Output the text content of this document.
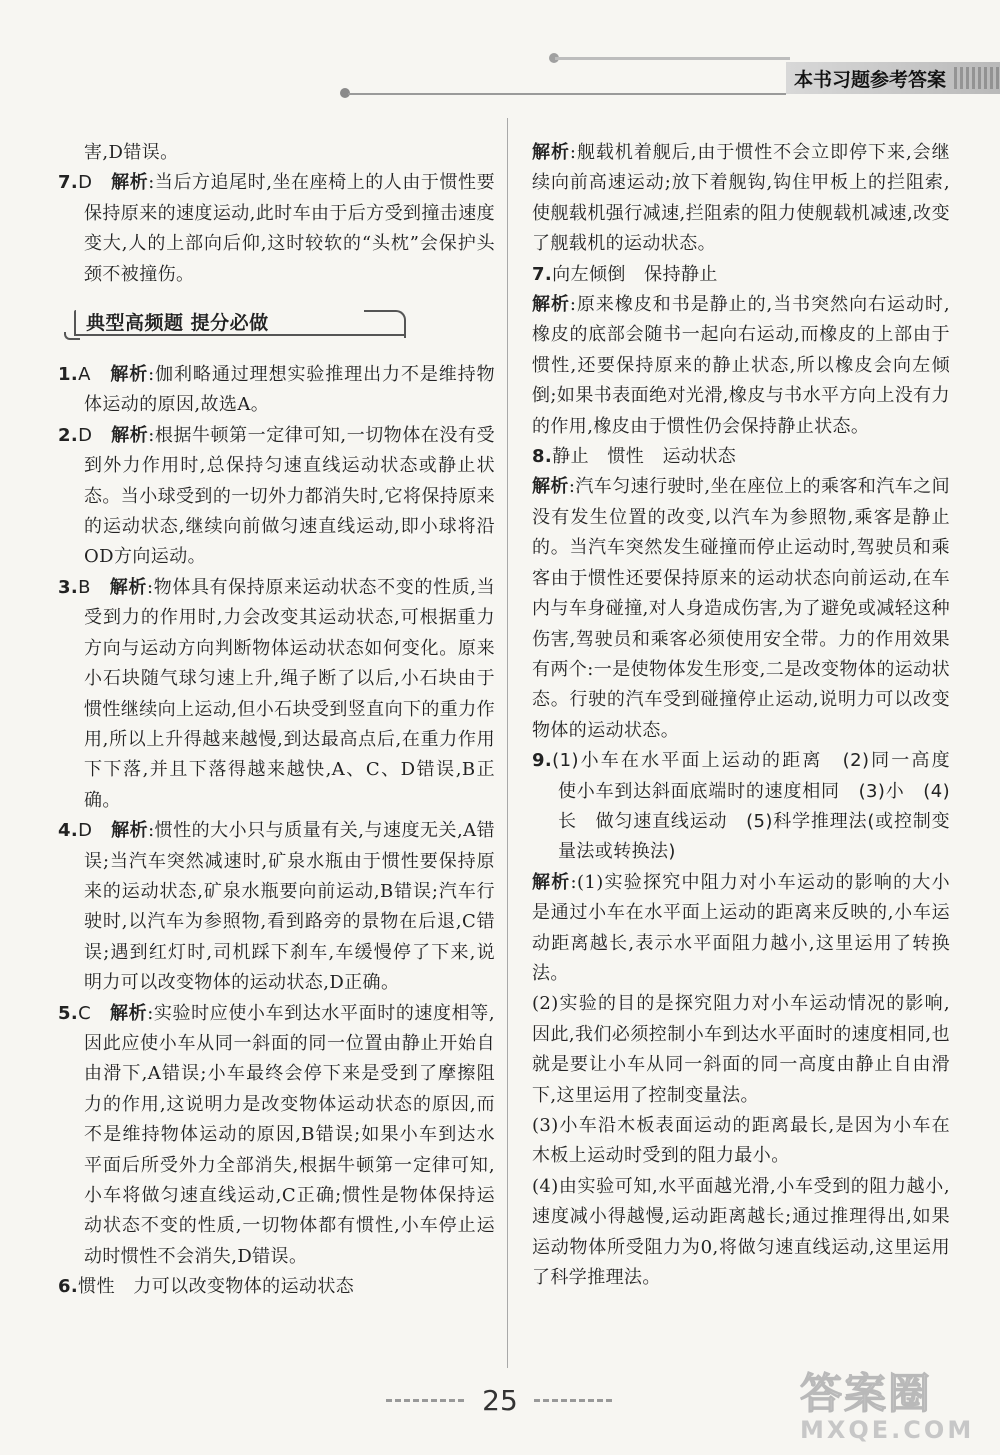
本书习题参考答案

害,D错误。

7.D　 解析:当后方追尾时,坐在座椅上的人由于惯性要保持原来的速度运动,此时车由于后方受到撞击速度变大,人的上部向后仰,这时较软的“头枕”会保护头颈不被撞伤。

典型高频题 提分必做

1.A　 解析:伽利略通过理想实验推理出力不是维持物体运动的原因,故选A。

2.D　 解析:根据牛顿第一定律可知,一切物体在没有受到外力作用时,总保持匀速直线运动状态或静止状态。当小球受到的一切外力都消失时,它将保持原来的运动状态,继续向前做匀速直线运动,即小球将沿OD方向运动。

3.B　 解析:物体具有保持原来运动状态不变的性质,当受到力的作用时,力会改变其运动状态,可根据重力方向与运动方向判断物体运动状态如何变化。原来小石块随气球匀速上升,绳子断了以后,小石块由于惯性继续向上运动,但小石块受到竖直向下的重力作用,所以上升得越来越慢,到达最高点后,在重力作用下下落,并且下落得越来越快,A、C、D错误,B正确。

4.D　 解析:惯性的大小只与质量有关,与速度无关,A错误;当汽车突然减速时,矿泉水瓶由于惯性要保持原来的运动状态,矿泉水瓶要向前运动,B错误;汽车行驶时,以汽车为参照物,看到路旁的景物在后退,C错误;遇到红灯时,司机踩下刹车,车缓慢停了下来,说明力可以改变物体的运动状态,D正确。

5.C　 解析:实验时应使小车到达水平面时的速度相等,因此应使小车从同一斜面的同一位置由静止开始自由滑下,A错误;小车最终会停下来是受到了摩擦阻力的作用,这说明力是改变物体运动状态的原因,而不是维持物体运动的原因,B错误;如果小车到达水平面后所受外力全部消失,根据牛顿第一定律可知,小车将做匀速直线运动,C正确;惯性是物体保持运动状态不变的性质,一切物体都有惯性,小车停止运动时惯性不会消失,D错误。

6.惯性　力可以改变物体的运动状态

解析:舰载机着舰后,由于惯性不会立即停下来,会继续向前高速运动;放下着舰钩,钩住甲板上的拦阻索,使舰载机强行减速,拦阻索的阻力使舰载机减速,改变了舰载机的运动状态。

7.向左倾倒　保持静止

解析:原来橡皮和书是静止的,当书突然向右运动时,橡皮的底部会随书一起向右运动,而橡皮的上部由于惯性,还要保持原来的静止状态,所以橡皮会向左倾倒;如果书表面绝对光滑,橡皮与书水平方向上没有力的作用,橡皮由于惯性仍会保持静止状态。

8.静止　惯性　运动状态

解析:汽车匀速行驶时,坐在座位上的乘客和汽车之间没有发生位置的改变,以汽车为参照物,乘客是静止的。当汽车突然发生碰撞而停止运动时,驾驶员和乘客由于惯性还要保持原来的运动状态向前运动,在车内与车身碰撞,对人身造成伤害,为了避免或减轻这种伤害,驾驶员和乘客必须使用安全带。力的作用效果有两个:一是使物体发生形变,二是改变物体的运动状态。行驶的汽车受到碰撞停止运动,说明力可以改变物体的运动状态。

9.(1)小车在水平面上运动的距离　(2)同一高度　使小车到达斜面底端时的速度相同　(3)小　(4)长　做匀速直线运动　(5)科学推理法(或控制变量法或转换法)

解析:(1)实验探究中阻力对小车运动的影响的大小是通过小车在水平面上运动的距离来反映的,小车运动距离越长,表示水平面阻力越小,这里运用了转换法。

(2)实验的目的是探究阻力对小车运动情况的影响,因此,我们必须控制小车到达水平面时的速度相同,也就是要让小车从同一斜面的同一高度由静止自由滑下,这里运用了控制变量法。

(3)小车沿木板表面运动的距离最长,是因为小车在木板上运动时受到的阻力最小。

(4)由实验可知,水平面越光滑,小车受到的阻力越小,速度减小得越慢,运动距离越长;通过推理得出,如果运动物体所受阻力为0,将做匀速直线运动,这里运用了科学推理法。

25	答案圈
MXQE.COM
